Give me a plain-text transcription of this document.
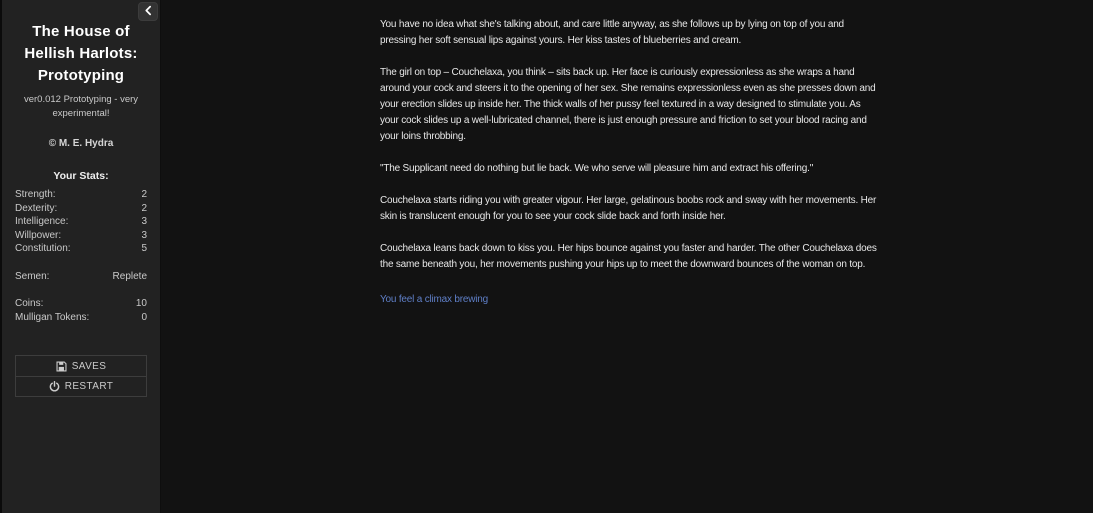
The House of Hellish Harlots: Prototyping
ver0.012 Prototyping - very experimental!
© M. E. Hydra
Your Stats:
Strength:	2
Dexterity:	2
Intelligence:	3
Willpower:	3
Constitution:	5
Semen:	Replete
Coins:	10
Mulligan Tokens:	0
SAVES
RESTART

You have no idea what she's talking about, and care little anyway, as she follows up by lying on top of you and pressing her soft sensual lips against yours. Her kiss tastes of blueberries and cream.

The girl on top – Couchelaxa, you think – sits back up. Her face is curiously expressionless as she wraps a hand around your cock and steers it to the opening of her sex. She remains expressionless even as she presses down and your erection slides up inside her. The thick walls of her pussy feel textured in a way designed to stimulate you. As your cock slides up a well-lubricated channel, there is just enough pressure and friction to set your blood racing and your loins throbbing.

"The Supplicant need do nothing but lie back. We who serve will pleasure him and extract his offering."

Couchelaxa starts riding you with greater vigour. Her large, gelatinous boobs rock and sway with her movements. Her skin is translucent enough for you to see your cock slide back and forth inside her.

Couchelaxa leans back down to kiss you. Her hips bounce against you faster and harder. The other Couchelaxa does the same beneath you, her movements pushing your hips up to meet the downward bounces of the woman on top.

You feel a climax brewing
